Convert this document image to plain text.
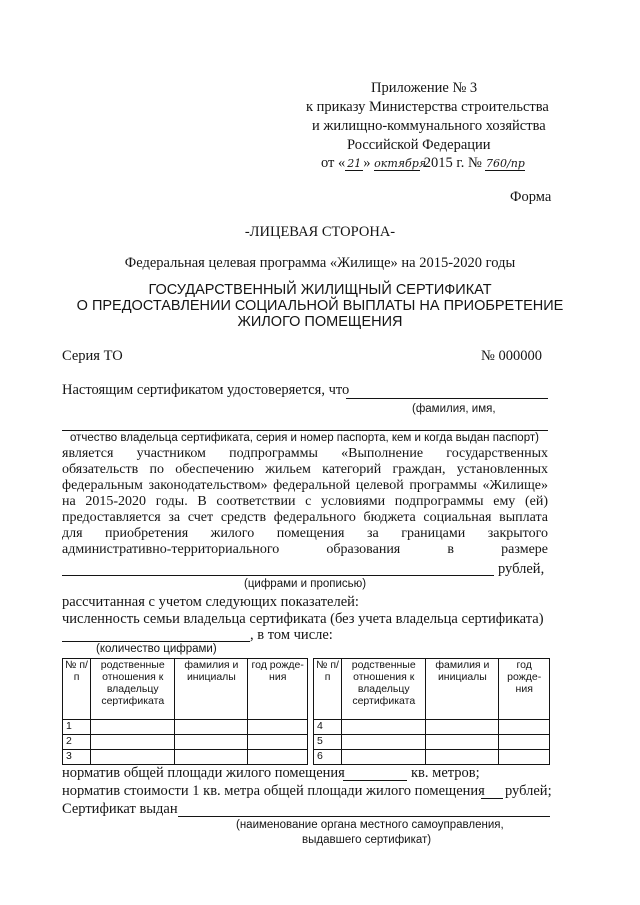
Приложение № 3
к приказу Министерства строительства
и жилищно-коммунального хозяйства
Российской Федерации
от « 21 » октября 2015 г. № 760/пр
Форма
-ЛИЦЕВАЯ СТОРОНА-
Федеральная целевая программа «Жилище» на 2015-2020 годы
ГОСУДАРСТВЕННЫЙ ЖИЛИЩНЫЙ СЕРТИФИКАТ
О ПРЕДОСТАВЛЕНИИ СОЦИАЛЬНОЙ ВЫПЛАТЫ НА ПРИОБРЕТЕНИЕ
ЖИЛОГО ПОМЕЩЕНИЯ
Серия ТО	№ 000000
Настоящим сертификатом удостоверяется, что
(фамилия, имя,
отчество владельца сертификата, серия и номер паспорта, кем и когда выдан паспорт)
является участником подпрограммы «Выполнение государственных
обязательств по обеспечению жильем категорий граждан, установленных
федеральным законодательством» федеральной целевой программы «Жилище»
на 2015-2020 годы. В соответствии с условиями подпрограммы ему (ей)
предоставляется за счет средств федерального бюджета социальная выплата
для приобретения жилого помещения за границами закрытого
административно-территориального образования в размере
рублей,
(цифрами и прописью)
рассчитанная с учетом следующих показателей:
численность семьи владельца сертификата (без учета владельца сертификата)
, в том числе:
(количество цифрами)
№ п/п	родственные отношения к владельцу сертификата	фамилия и инициалы	год рожде- ния
1			
2			
3			
№ п/п	родственные отношения к владельцу сертификата	фамилия и инициалы	год рожде- ния
4			
5			
6			
норматив общей площади жилого помещения	кв. метров;
норматив стоимости 1 кв. метра общей площади жилого помещения рублей;
Сертификат выдан
(наименование органа местного самоуправления,
выдавшего сертификат)
